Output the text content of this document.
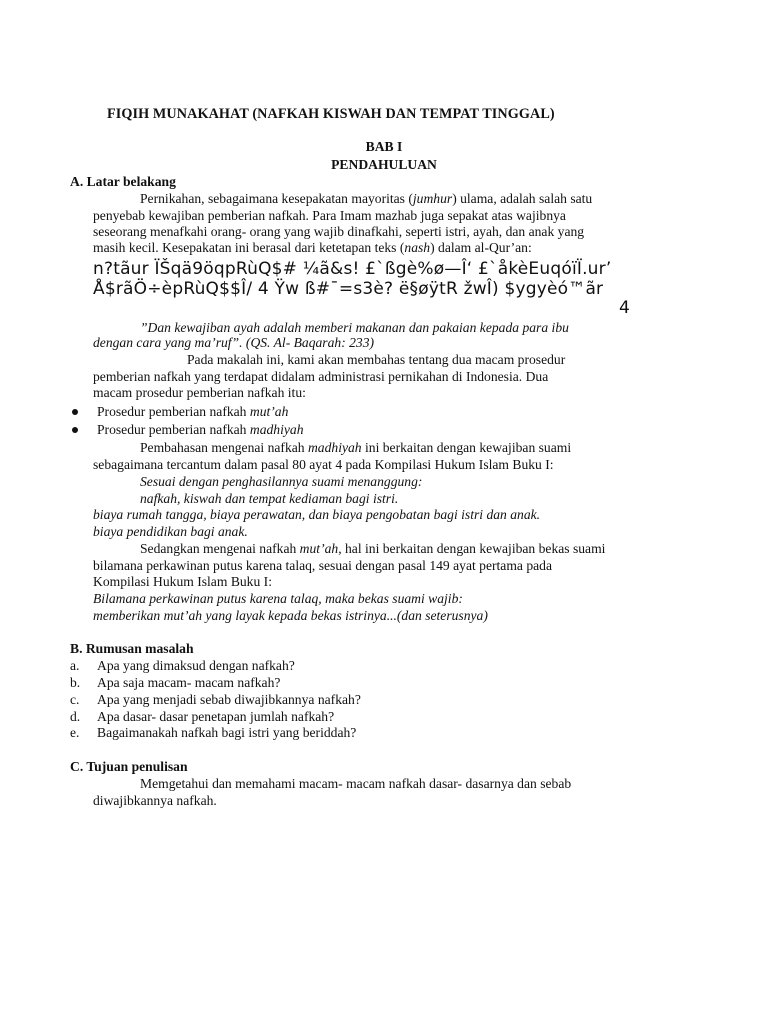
FIQIH MUNAKAHAT (NAFKAH KISWAH DAN TEMPAT TINGGAL)
BAB I
PENDAHULUAN
A. Latar belakang
Pernikahan, sebagaimana kesepakatan mayoritas (jumhur) ulama, adalah salah satu
penyebab kewajiban pemberian nafkah. Para Imam mazhab juga sepakat atas wajibnya
seseorang menafkahi orang- orang yang wajib dinafkahi, seperti istri, ayah, dan anak yang
masih kecil. Kesepakatan ini berasal dari ketetapan teks (nash) dalam al-Qur’an:
n?tãur ÏŠqä9öqpRùQ$# ¼ã&s! £`ßgè%ø—Î‘ £`åkèEuqóïÏ.ur’
Å$rãÖ÷èpRùQ$$Î/ 4 Ÿw ß#¯=s3è? ë§øÿtR žwÎ) $ygyèó™ãr
4
”Dan kewajiban ayah adalah memberi makanan dan pakaian kepada para ibu
dengan cara yang ma’ruf”. (QS. Al- Baqarah: 233)
Pada makalah ini, kami akan membahas tentang dua macam prosedur
pemberian nafkah yang terdapat didalam administrasi pernikahan di Indonesia. Dua
macam prosedur pemberian nafkah itu:
Prosedur pemberian nafkah mut’ah
Prosedur pemberian nafkah madhiyah
Pembahasan mengenai nafkah madhiyah ini berkaitan dengan kewajiban suami
sebagaimana tercantum dalam pasal 80 ayat 4 pada Kompilasi Hukum Islam Buku I:
Sesuai dengan penghasilannya suami menanggung:
nafkah, kiswah dan tempat kediaman bagi istri.
biaya rumah tangga, biaya perawatan, dan biaya pengobatan bagi istri dan anak.
biaya pendidikan bagi anak.
Sedangkan mengenai nafkah mut’ah, hal ini berkaitan dengan kewajiban bekas suami
bilamana perkawinan putus karena talaq, sesuai dengan pasal 149 ayat pertama pada
Kompilasi Hukum Islam Buku I:
Bilamana perkawinan putus karena talaq, maka bekas suami wajib:
memberikan mut’ah yang layak kepada bekas istrinya...(dan seterusnya)
B. Rumusan masalah
a. Apa yang dimaksud dengan nafkah?
b. Apa saja macam- macam nafkah?
c. Apa yang menjadi sebab diwajibkannya nafkah?
d. Apa dasar- dasar penetapan jumlah nafkah?
e. Bagaimanakah nafkah bagi istri yang beriddah?
C. Tujuan penulisan
Memgetahui dan memahami macam- macam nafkah dasar- dasarnya dan sebab
diwajibkannya nafkah.
